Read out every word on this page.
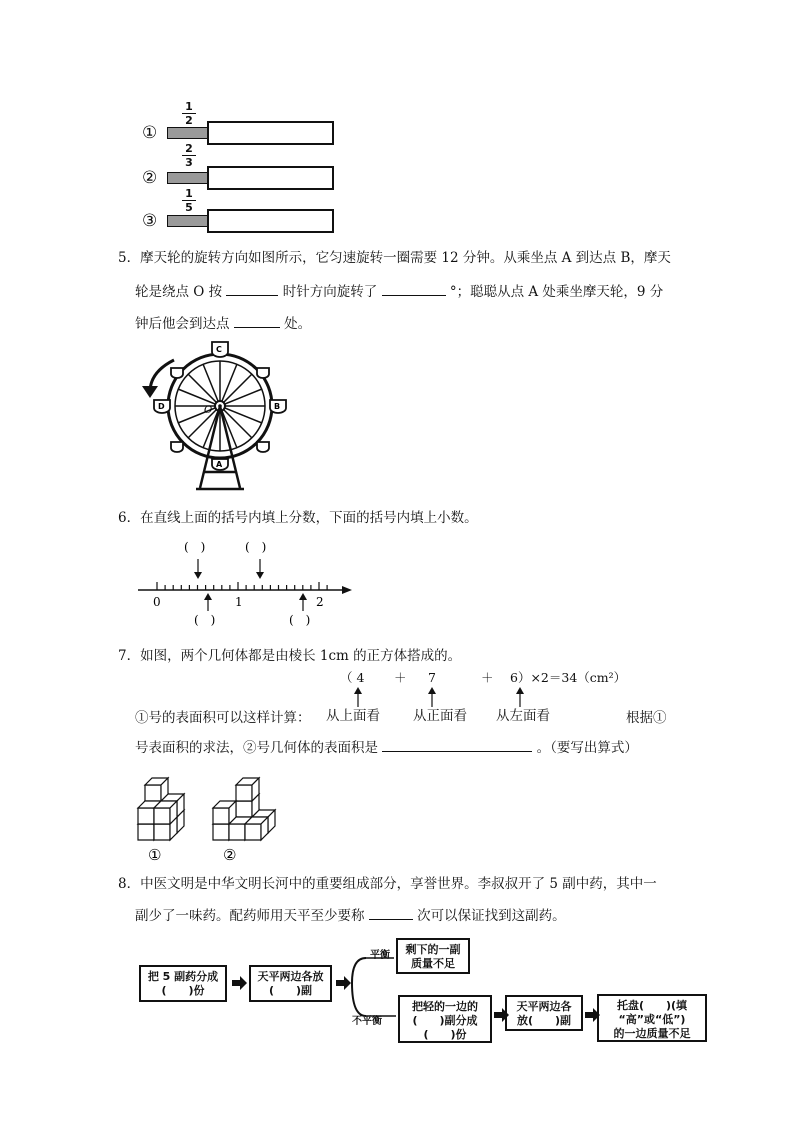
1
2
①
2
3
②
1
5
③
5．摩天轮的旋转方向如图所示，它匀速旋转一圈需要 12 分钟。从乘坐点 A 到达点 B，摩天
轮是绕点 O 按	时针方向旋转了	°；聪聪从点 A 处乘坐摩天轮，9 分
钟后他会到达点	处。
O
C
D	B
A
6．在直线上面的括号内填上分数，下面的括号内填上小数。
(　)	(　)
0	1	2
(　)	(　)
7．如图，两个几何体都是由棱长 1cm 的正方体搭成的。
（ 4 ＋ 7	＋ 6）×2＝34（cm²）
①号的表面积可以这样计算： 从上面看 从正面看 从左面看	根据①
号表面积的求法，②号几何体的表面积是	。（要写出算式）
①	②
8．中医文明是中华文明长河中的重要组成部分，享誉世界。李叔叔开了 5 副中药，其中一
副少了一味药。配药师用天平至少要称	次可以保证找到这副药。
把 5 副药分成
(　　)份
天平两边各放
(　　)副
剩下的一副
质量不足
把轻的一边的
(　　)副分成
(　　)份
天平两边各
放(　　)副
托盘(　　)(填
“高”或“低”)
的一边质量不足
平衡
不平衡
